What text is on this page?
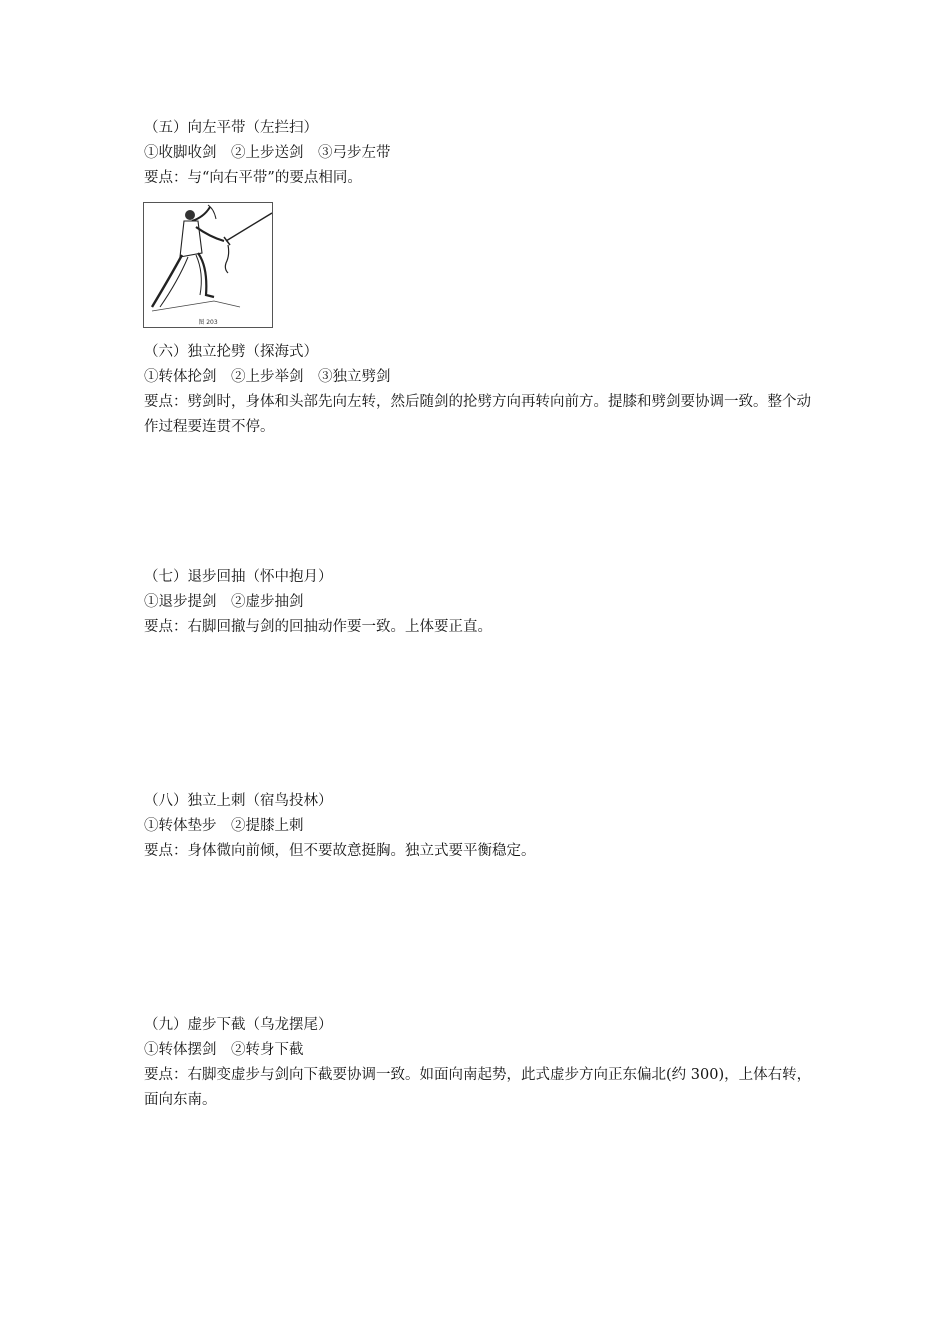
（五）向左平带（左拦扫）

①收脚收剑　②上步送剑　③弓步左带

要点：与“向右平带”的要点相同。

图 203

（六）独立抡劈（探海式）

①转体抡剑　②上步举剑　③独立劈剑

要点：劈剑时，身体和头部先向左转，然后随剑的抡劈方向再转向前方。提膝和劈剑要协调一致。整个动作过程要连贯不停。

（七）退步回抽（怀中抱月）

①退步提剑　②虚步抽剑

要点：右脚回撤与剑的回抽动作要一致。上体要正直。

（八）独立上刺（宿鸟投林）

①转体垫步　②提膝上刺

要点：身体微向前倾，但不要故意挺胸。独立式要平衡稳定。

（九）虚步下截（乌龙摆尾）

①转体摆剑　②转身下截

要点：右脚变虚步与剑向下截要协调一致。如面向南起势，此式虚步方向正东偏北(约 300)，上体右转，面向东南。
